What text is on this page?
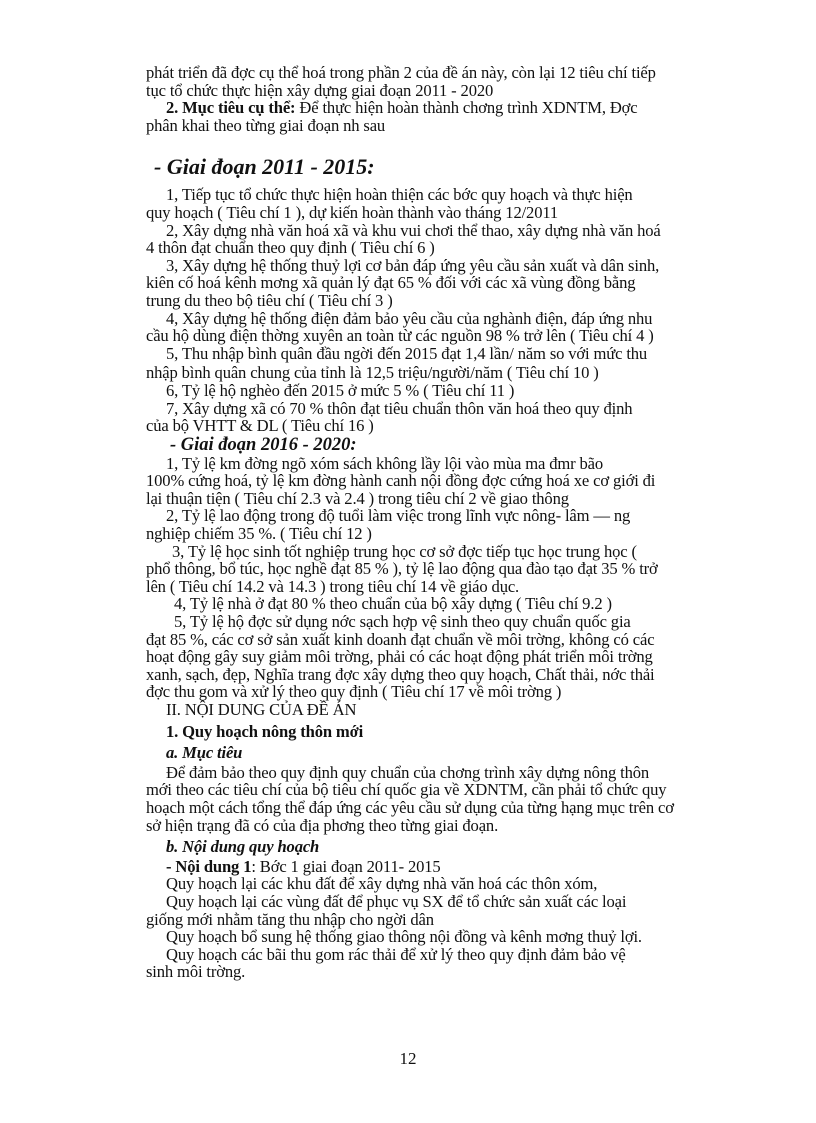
phát triển đã đợc cụ thể hoá trong phần 2 của đề án này, còn lại 12 tiêu chí tiếp

tục tổ chức thực hiện xây dựng giai đoạn 2011 - 2020

2. Mục tiêu cụ thể: Để thực hiện hoàn thành chơng trình XDNTM, Đợc

phân khai theo từng giai đoạn nh sau

- Giai đoạn 2011 - 2015:

1, Tiếp tục tổ chức thực hiện hoàn thiện các bớc quy hoạch và thực hiện

quy hoạch ( Tiêu chí 1 ), dự kiến hoàn thành vào tháng 12/2011

2, Xây dựng nhà văn hoá xã và khu vui chơi thể thao, xây dựng nhà văn hoá

4 thôn đạt chuẩn theo quy định ( Tiêu chí 6 )

3, Xây dựng hệ thống thuỷ lợi cơ bản đáp ứng yêu cầu sản xuất và dân sinh,

kiên cố hoá kênh mơng xã quản lý đạt 65 % đối với các xã vùng đồng bằng

trung du theo bộ tiêu chí ( Tiêu chí 3 )

4, Xây dựng hệ thống điện đảm bảo yêu cầu của nghành điện, đáp ứng nhu

cầu hộ dùng điện thờng xuyên an toàn từ các nguồn 98 % trở lên ( Tiêu chí 4 )

5, Thu nhập bình quân đầu ngời đến 2015 đạt 1,4 lần/ năm so với mức thu

nhập bình quân chung của tỉnh là 12,5 triệu/người/năm ( Tiêu chí 10 )

6, Tỷ lệ hộ nghèo đến 2015 ở mức 5 % ( Tiêu chí 11 )

7, Xây dựng xã có 70 % thôn đạt tiêu chuẩn thôn văn hoá theo quy định

của bộ VHTT & DL ( Tiêu chí 16 )

- Giai đoạn 2016 - 2020:

1, Tỷ lệ km đờng ngõ xóm sách không lầy lội vào mùa ma đmr bão

100% cứng hoá, tỷ lệ km đờng hành canh nội đồng đợc cứng hoá xe cơ giới đi

lại thuận tiện ( Tiêu chí 2.3 và 2.4 ) trong tiêu chí 2 về giao thông

2, Tỷ lệ lao động trong độ tuổi làm việc trong lĩnh vực nông- lâm — ng

nghiệp chiếm 35 %. ( Tiêu chí 12 )

3, Tỷ lệ học sinh tốt nghiệp trung học cơ sở đợc tiếp tục học trung học (

phổ thông, bổ túc, học nghề đạt 85 % ), tỷ lệ lao động qua đào tạo đạt 35 % trở

lên ( Tiêu chí 14.2 và 14.3 ) trong tiêu chí 14 về giáo dục.

4, Tỷ lệ nhà ở đạt 80 % theo chuẩn của bộ xây dựng ( Tiêu chí 9.2 )

5, Tỷ lệ hộ đợc sử dụng nớc sạch hợp vệ sinh theo quy chuẩn quốc gia

đạt 85 %, các cơ sở sản xuất kinh doanh đạt chuẩn về môi trờng, không có các

hoạt động gây suy giảm môi trờng, phải có các hoạt động phát triển môi trờng

xanh, sạch, đẹp, Nghĩa trang đợc xây dựng theo quy hoạch, Chất thải, nớc thải

đợc thu gom và xử lý theo quy định ( Tiêu chí 17 về môi trờng )

II. NỘI DUNG CỦA ĐỀ ÁN

1. Quy hoạch nông thôn mới

a. Mục tiêu

Để đảm bảo theo quy định quy chuẩn của chơng trình xây dựng nông thôn

mới theo các tiêu chí của bộ tiêu chí quốc gia về XDNTM, cần phải tổ chức quy

hoạch một cách tổng thể đáp ứng các yêu cầu sử dụng của từng hạng mục trên cơ

sở hiện trạng đã có của địa phơng theo từng giai đoạn.

b. Nội dung quy hoạch

- Nội dung 1: Bớc 1 giai đoạn 2011- 2015

Quy hoạch lại các khu đất để xây dựng nhà văn hoá các thôn xóm,

Quy hoạch lại các vùng đất để phục vụ SX để tổ chức sản xuất các loại

giống mới nhằm tăng thu nhập cho ngời dân

Quy hoạch bổ sung hệ thống giao thông nội đồng và kênh mơng thuỷ lợi.

Quy hoạch các bãi thu gom rác thải để xử lý theo quy định đảm bảo vệ

sinh môi trờng.

12
